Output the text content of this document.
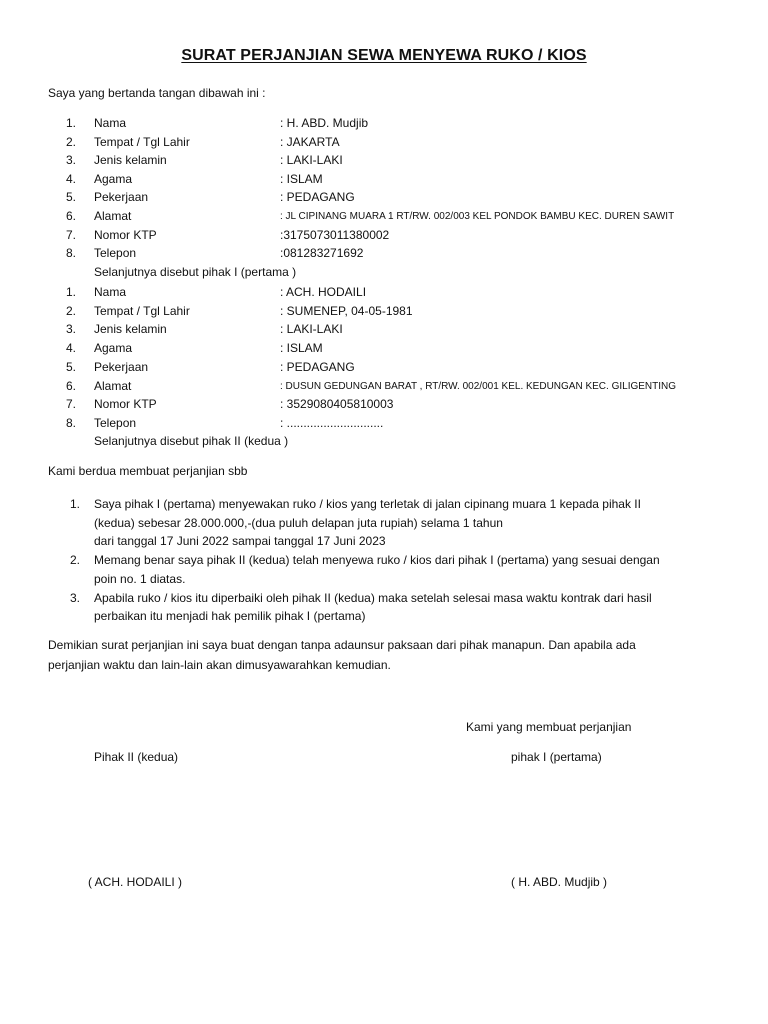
SURAT PERJANJIAN SEWA MENYEWA RUKO / KIOS
Saya yang bertanda tangan dibawah ini :
1.	Nama	: H. ABD. Mudjib
2.	Tempat / Tgl Lahir	: JAKARTA
3.	Jenis kelamin	: LAKI-LAKI
4.	Agama	: ISLAM
5.	Pekerjaan	: PEDAGANG
6.	Alamat	: JL CIPINANG MUARA 1 RT/RW. 002/003 KEL PONDOK BAMBU KEC. DUREN SAWIT
7.	Nomor KTP	:3175073011380002
8.	Telepon	:081283271692
Selanjutnya disebut pihak I (pertama )
1.	Nama	: ACH. HODAILI
2.	Tempat / Tgl Lahir	: SUMENEP, 04-05-1981
3.	Jenis kelamin	: LAKI-LAKI
4.	Agama	: ISLAM
5.	Pekerjaan	: PEDAGANG
6.	Alamat	: DUSUN GEDUNGAN BARAT , RT/RW. 002/001 KEL. KEDUNGAN KEC. GILIGENTING
7.	Nomor KTP	: 3529080405810003
8.	Telepon	: .............................
Selanjutnya disebut pihak II (kedua )
Kami berdua membuat perjanjian sbb
1. Saya pihak I (pertama) menyewakan ruko / kios yang terletak di jalan cipinang muara 1 kepada pihak II
(kedua) sebesar 28.000.000,-(dua puluh delapan juta rupiah) selama 1 tahun
dari tanggal 17 Juni 2022 sampai tanggal 17 Juni 2023
2. Memang benar saya pihak II (kedua) telah menyewa ruko / kios dari pihak I (pertama) yang sesuai dengan
poin no. 1 diatas.
3. Apabila ruko / kios itu diperbaiki oleh pihak II (kedua) maka setelah selesai masa waktu kontrak dari hasil
perbaikan itu menjadi hak pemilik pihak I (pertama)
Demikian surat perjanjian ini saya buat dengan tanpa adaunsur paksaan dari pihak manapun. Dan apabila ada
perjanjian waktu dan lain-lain akan dimusyawarahkan kemudian.
Kami yang membuat perjanjian
Pihak II (kedua)	pihak I (pertama)
( ACH. HODAILI )	( H. ABD. Mudjib )
